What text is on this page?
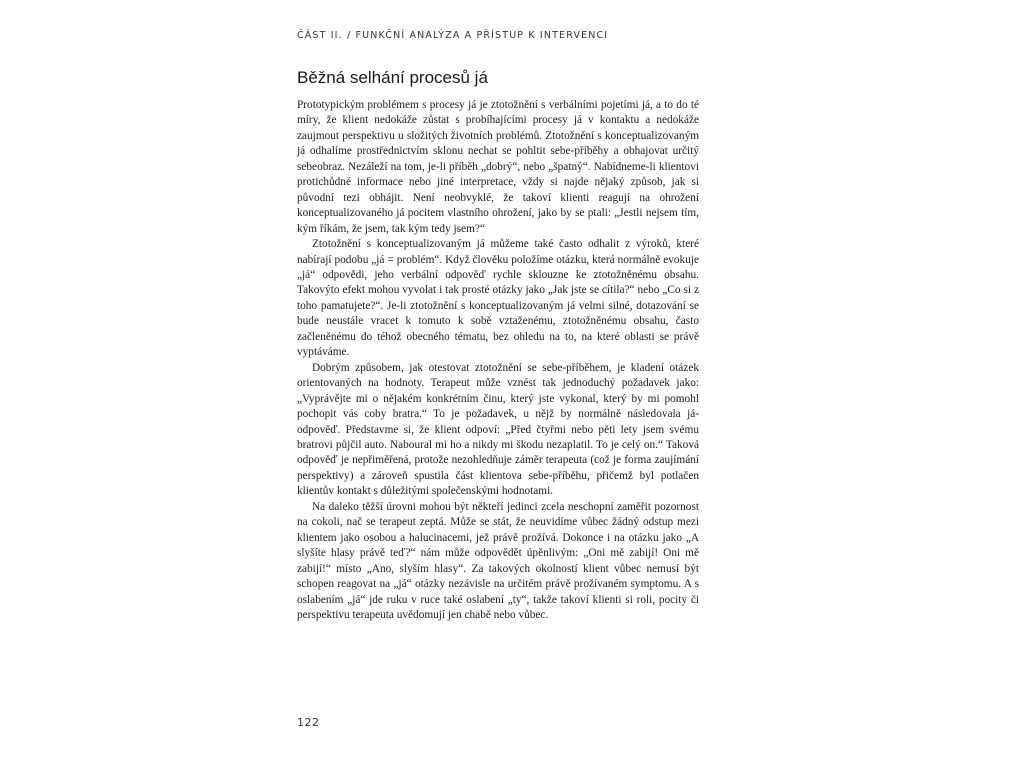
ČÁST II. / FUNKČNÍ ANALÝZA A PŘÍSTUP K INTERVENCI
Běžná selhání procesů já

Prototypickým problémem s procesy já je ztotožnění s verbálními pojetími já, a to do té míry, že klient nedokáže zůstat s probíhajícími procesy já v kontaktu a nedokáže zaujmout perspektivu u složitých životních problémů. Ztotožnění s konceptualizovaným já odhalíme prostřednictvím sklonu nechat se pohltit sebe-příběhy a obhajovat určitý sebeobraz. Nezáleží na tom, je-li příběh „dobrý“, nebo „špatný“. Nabídneme-li klientovi protichůdné informace nebo jiné interpretace, vždy si najde nějaký způsob, jak si původní tezi obhájit. Není neobvyklé, že takoví klienti reagují na ohrožení konceptualizovaného já pocitem vlastního ohrožení, jako by se ptali: „Jestli nejsem tím, kým říkám, že jsem, tak kým tedy jsem?“

Ztotožnění s konceptualizovaným já můžeme také často odhalit z výroků, které nabírají podobu „já = problém“. Když člověku položíme otázku, která normálně evokuje „já“ odpovědi, jeho verbální odpověď rychle sklouzne ke ztotožněnému obsahu. Takovýto efekt mohou vyvolat i tak prosté otázky jako „Jak jste se cítila?“ nebo „Co si z toho pamatujete?“. Je-li ztotožnění s konceptualizovaným já velmi silné, dotazování se bude neustále vracet k tomuto k sobě vztaženému, ztotožněnému obsahu, často začleněnému do téhož obecného tématu, bez ohledu na to, na které oblasti se právě vyptáváme.

Dobrým způsobem, jak otestovat ztotožnění se sebe-příběhem, je kladení otázek orientovaných na hodnoty. Terapeut může vznést tak jednoduchý požadavek jako: „Vyprávějte mi o nějakém konkrétním činu, který jste vykonal, který by mi pomohl pochopit vás coby bratra.“ To je požadavek, u nějž by normálně následovala já-odpověď. Představme si, že klient odpoví: „Před čtyřmi nebo pěti lety jsem svému bratrovi půjčil auto. Naboural mi ho a nikdy mi škodu nezaplatil. To je celý on.“ Taková odpověď je nepřiměřená, protože nezohledňuje záměr terapeuta (což je forma zaujímání perspektivy) a zároveň spustila část klientova sebe-příběhu, přičemž byl potlačen klientův kontakt s důležitými společenskými hodnotami.

Na daleko těžší úrovni mohou být někteří jedinci zcela neschopní zaměřit pozornost na cokoli, nač se terapeut zeptá. Může se stát, že neuvidíme vůbec žádný odstup mezi klientem jako osobou a halucinacemi, jež právě prožívá. Dokonce i na otázku jako „A slyšíte hlasy právě teď?“ nám může odpovědět úpěnlivým: „Oni mě zabijí! Oni mě zabijí!“ místo „Ano, slyším hlasy“. Za takových okolností klient vůbec nemusí být schopen reagovat na „já“ otázky nezávisle na určitém právě prožívaném symptomu. A s oslabením „já“ jde ruku v ruce také oslabení „ty“, takže takoví klienti si roli, pocity či perspektivu terapeuta uvědomují jen chabě nebo vůbec.

122
